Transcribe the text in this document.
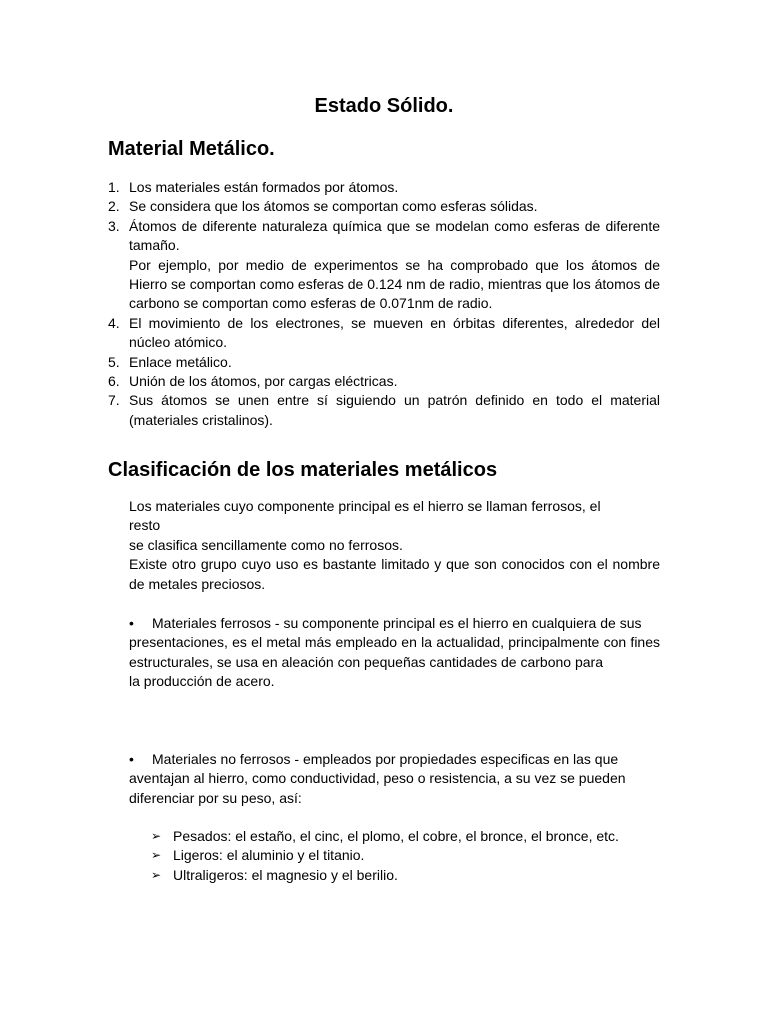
Estado Sólido.
Material Metálico.
1. Los materiales están formados por átomos.
2. Se considera que los átomos se comportan como esferas sólidas.
3. Átomos de diferente naturaleza química que se modelan como esferas de diferente tamaño.
Por ejemplo, por medio de experimentos se ha comprobado que los átomos de Hierro se comportan como esferas de 0.124 nm de radio, mientras que los átomos de carbono se comportan como esferas de 0.071nm de radio.
4. El movimiento de los electrones, se mueven en órbitas diferentes, alrededor del núcleo atómico.
5. Enlace metálico.
6. Unión de los átomos, por cargas eléctricas.
7. Sus átomos se unen entre sí siguiendo un patrón definido en todo el material (materiales cristalinos).
Clasificación de los materiales metálicos

Los materiales cuyo componente principal es el hierro se llaman ferrosos, el

resto

se clasifica sencillamente como no ferrosos.

Existe otro grupo cuyo uso es bastante limitado y que son conocidos con el nombre de metales preciosos.

• Materiales ferrosos - su componente principal es el hierro en cualquiera de sus

presentaciones, es el metal más empleado en la actualidad, principalmente con fines estructurales, se usa en aleación con pequeñas cantidades de carbono para

la producción de acero.

• Materiales no ferrosos - empleados por propiedades especificas en las que

aventajan al hierro, como conductividad, peso o resistencia, a su vez se pueden

diferenciar por su peso, así:

➢ Pesados: el estaño, el cinc, el plomo, el cobre, el bronce, el bronce, etc.
➢ Ligeros: el aluminio y el titanio.
➢ Ultraligeros: el magnesio y el berilio.
